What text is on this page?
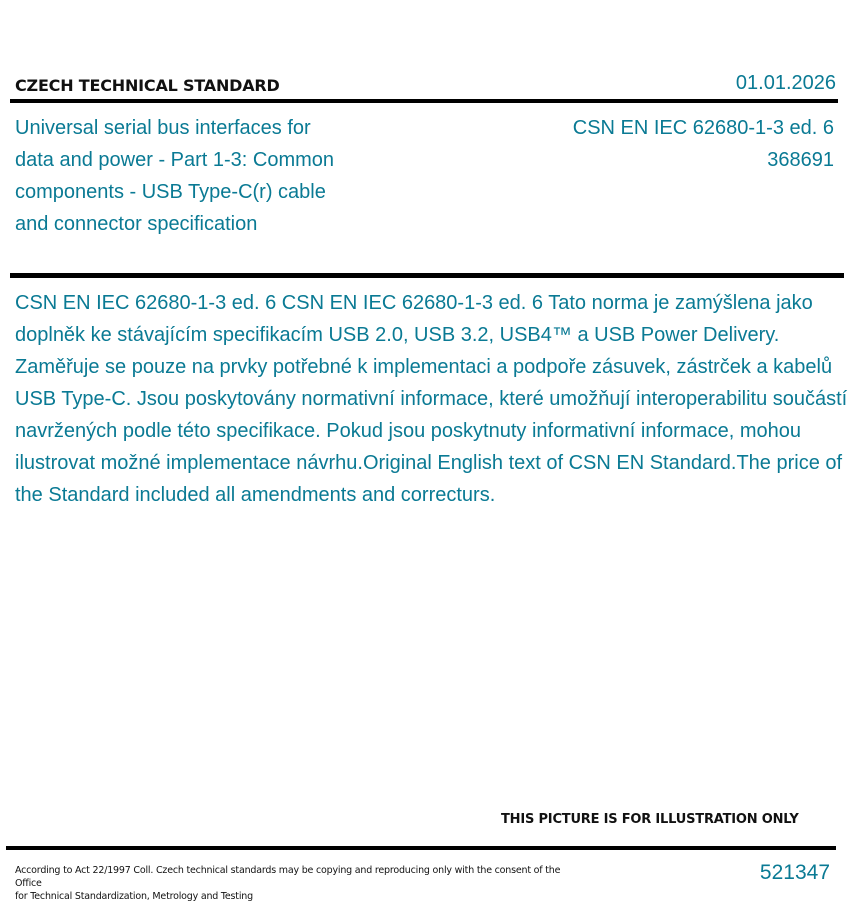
CZECH TECHNICAL STANDARD	01.01.2026
Universal serial bus interfaces for
data and power - Part 1-3: Common
components - USB Type-C(r) cable
and connector specification
CSN EN IEC 62680-1-3 ed. 6
368691

CSN EN IEC 62680-1-3 ed. 6 CSN EN IEC 62680-1-3 ed. 6 Tato norma je zamýšlena jako doplněk ke stávajícím specifikacím USB 2.0, USB 3.2, USB4™ a USB Power Delivery. Zaměřuje se pouze na prvky potřebné k implementaci a podpoře zásuvek, zástrček a kabelů USB Type-C. Jsou poskytovány normativní informace, které umožňují interoperabilitu součástí navržených podle této specifikace. Pokud jsou poskytnuty informativní informace, mohou ilustrovat možné implementace návrhu.Original English text of CSN EN Standard.The price of the Standard included all amendments and correcturs.

THIS PICTURE IS FOR ILLUSTRATION ONLY
According to Act 22/1997 Coll. Czech technical standards may be copying and reproducing only with the consent of the Office
for Technical Standardization, Metrology and Testing
521347
